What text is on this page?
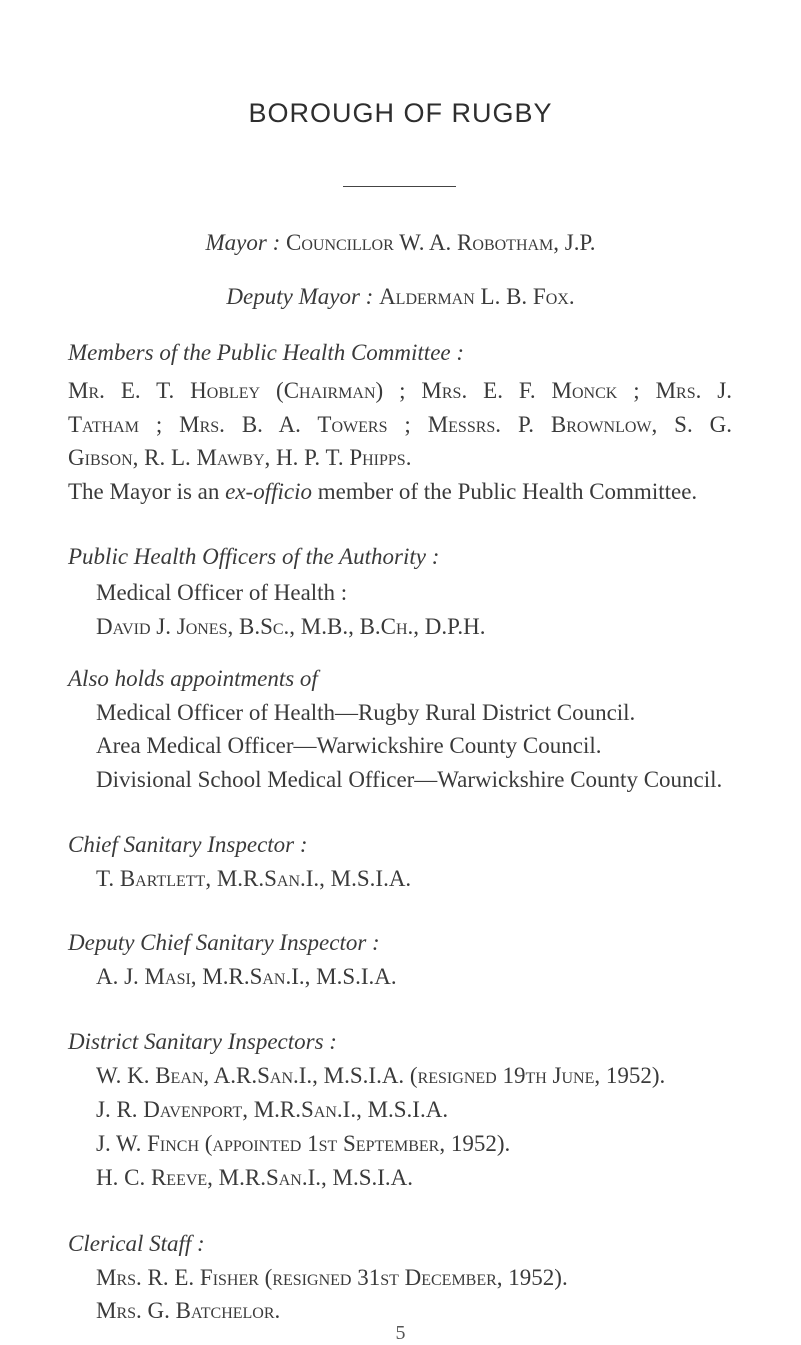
BOROUGH OF RUGBY
Mayor : Councillor W. A. Robotham, J.P.
Deputy Mayor : Alderman L. B. Fox.
Members of the Public Health Committee :
Mr. E. T. Hobley (Chairman) ; Mrs. E. F. Monck ; Mrs. J.
Tatham ; Mrs. B. A. Towers ; Messrs. P. Brownlow, S. G.
Gibson, R. L. Mawby, H. P. T. Phipps.
The Mayor is an ex-officio member of the Public Health Committee.
Public Health Officers of the Authority :
Medical Officer of Health :
David J. Jones, B.Sc., M.B., B.Ch., D.P.H.
Also holds appointments of
Medical Officer of Health—Rugby Rural District Council.
Area Medical Officer—Warwickshire County Council.
Divisional School Medical Officer—Warwickshire County Council.
Chief Sanitary Inspector :
T. Bartlett, M.R.San.I., M.S.I.A.
Deputy Chief Sanitary Inspector :
A. J. Masi, M.R.San.I., M.S.I.A.
District Sanitary Inspectors :
W. K. Bean, A.R.San.I., M.S.I.A. (resigned 19th June, 1952).
J. R. Davenport, M.R.San.I., M.S.I.A.
J. W. Finch (appointed 1st September, 1952).
H. C. Reeve, M.R.San.I., M.S.I.A.
Clerical Staff :
Mrs. R. E. Fisher (resigned 31st December, 1952).
Mrs. G. Batchelor.
5
